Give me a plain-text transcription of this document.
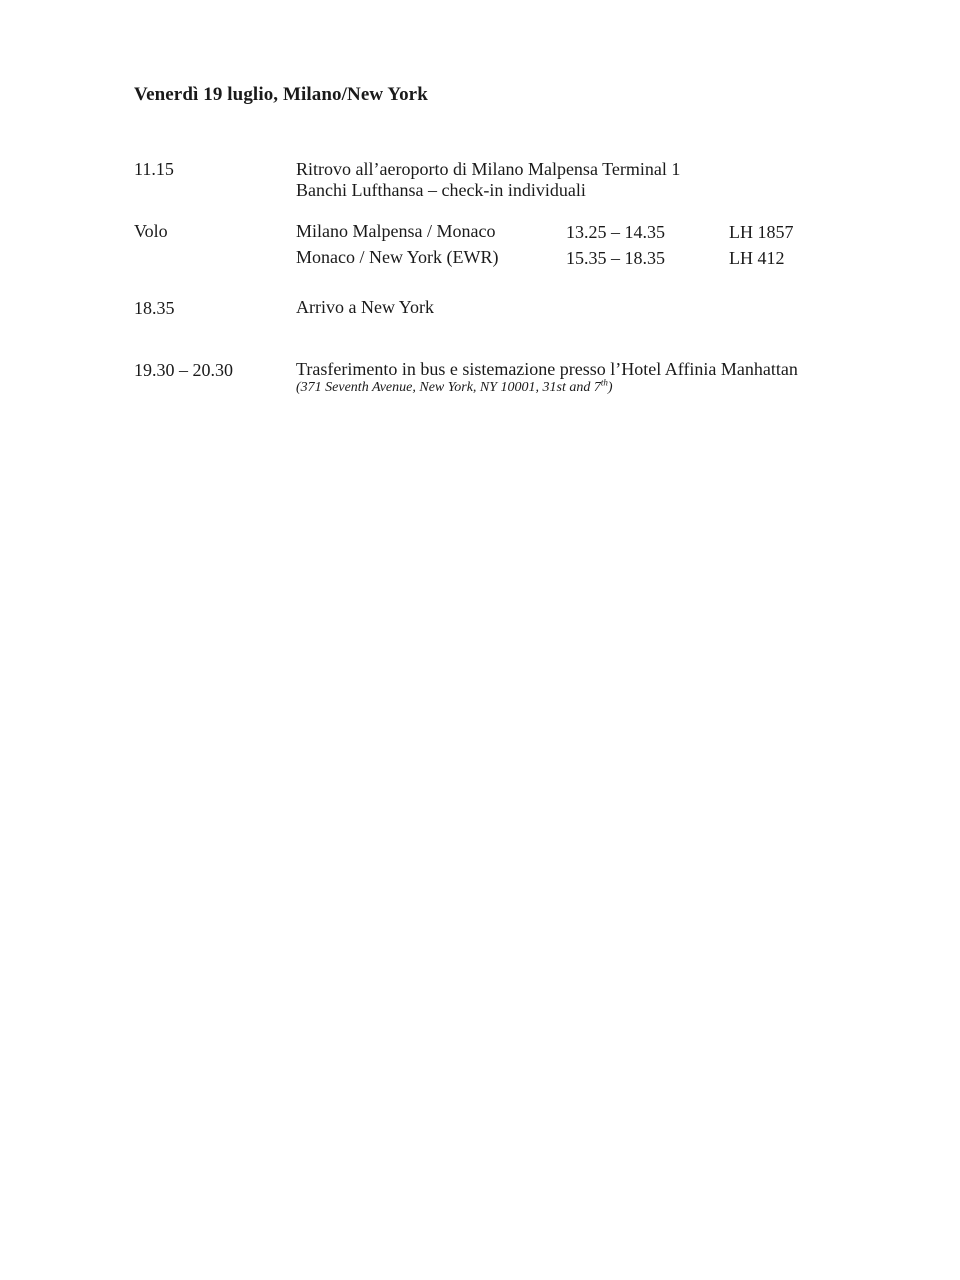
Venerdì 19 luglio, Milano/New York
11.15	Ritrovo all’aeroporto di Milano Malpensa Terminal 1
Banchi Lufthansa – check-in individuali
Volo	Milano Malpensa / Monaco	13.25 – 14.35	LH 1857
Monaco / New York (EWR)	15.35 – 18.35	LH 412
18.35	Arrivo a New York
19.30 – 20.30	Trasferimento in bus e sistemazione presso l’Hotel Affinia Manhattan
(371 Seventh Avenue, New York, NY 10001, 31st and 7th)
